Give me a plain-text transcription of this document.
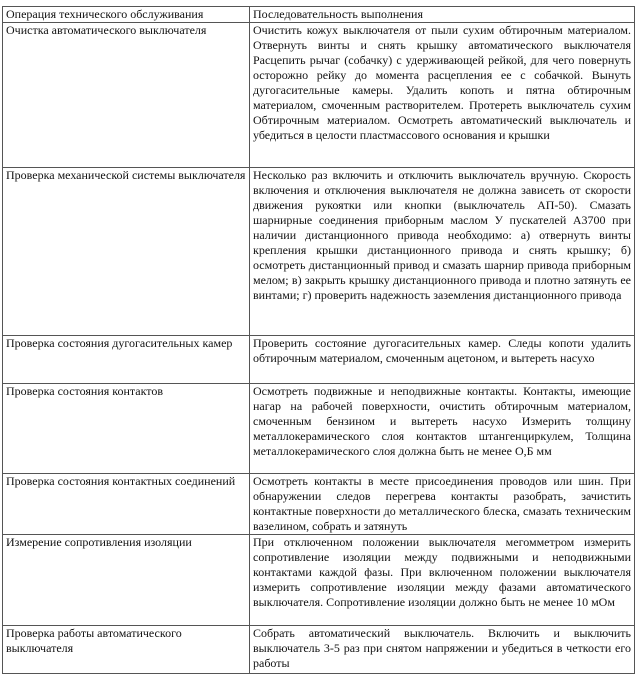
Операция технического обслуживания	Последовательность выполнения
Очистка автоматического выключателя	Очистить кожух выключателя от пыли сухим обтирочным материалом. Отвернуть винты и снять крышку автоматического выключателя Расцепить рычаг (собачку) с удерживающей рейкой, для чего повернуть осторожно рейку до момента расцепления ее с собачкой. Вынуть дугогасительные камеры. Удалить копоть и пятна обтирочным материалом, смоченным растворителем. Протереть выключатель сухим Обтирочным материалом. Осмотреть автоматический выключатель и убедиться в целости пластмассового основания и крышки
Проверка механической системы выключателя	Несколько раз включить и отключить выключатель вручную. Скорость включения и отключения выключателя не должна зависеть от скорости движения рукоятки или кнопки (выключатель АП-50). Смазать шарнирные соединения приборным маслом У пускателей А3700 при наличии дистанционного привода необходимо: а) отвернуть винты крепления крышки дистанционного привода и снять крышку; б) осмотреть дистанционный привод и смазать шарнир привода приборным мелом; в) закрыть крышку дистанционного привода и плотно затянуть ее винтами; г) проверить надежность заземления дистанционного привода
Проверка состояния дугогасительных камер	Проверить состояние дугогасительных камер. Следы копоти удалить обтирочным материалом, смоченным ацетоном, и вытереть насухо
Проверка состояния контактов	Осмотреть подвижные и неподвижные контакты. Контакты, имеющие нагар на рабочей поверхности, очистить обтирочным материалом, смоченным бензином и вытереть насухо Измерить толщину металлокерамического слоя контактов штангенциркулем, Толщина металлокерамического слоя должна быть не менее О,Б мм
Проверка состояния контактных соединений	Осмотреть контакты в месте присоединения проводов или шин. При обнаружении следов перегрева контакты разобрать, зачистить контактные поверхности до металлического блеска, смазать техническим вазелином, собрать и затянуть
Измерение сопротивления изоляции	При отключенном положении выключателя мегомметром измерить сопротивление изоляции между подвижными и неподвижными контактами каждой фазы. При включенном положении выключателя измерить сопротивление изоляции между фазами автоматического выключателя. Сопротивление изоляции должно быть не менее 10 мОм
Проверка работы автоматического выключателя	Собрать автоматический выключатель. Включить и выключить выключатель 3-5 раз при снятом напряжении и убедиться в четкости его работы
